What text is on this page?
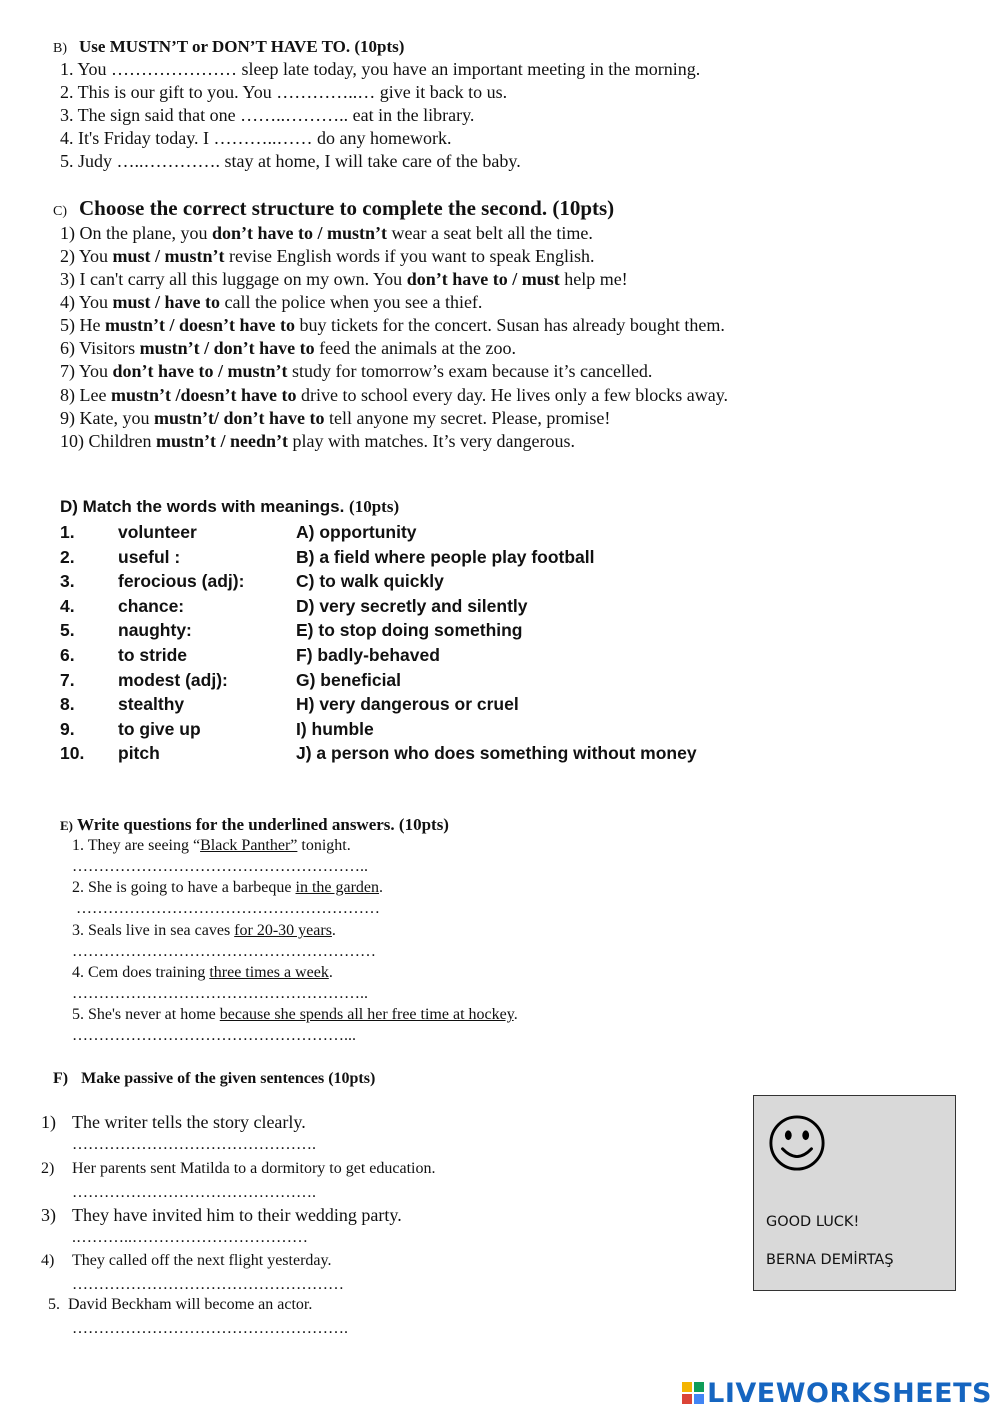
B) Use MUSTN’T or DON’T HAVE TO. (10pts)
1. You ………………… sleep late today, you have an important meeting in the morning.
2. This is our gift to you. You …………..… give it back to us.
3. The sign said that one ……..……….. eat in the library.
4. It's Friday today. I ………..…… do any homework.
5. Judy …..…………. stay at home, I will take care of the baby.
C) Choose the correct structure to complete the second. (10pts)
1) On the plane, you don’t have to / mustn’t wear a seat belt all the time.
2) You must / mustn’t revise English words if you want to speak English.
3) I can't carry all this luggage on my own. You don’t have to / must help me!
4) You must / have to call the police when you see a thief.
5) He mustn’t / doesn’t have to buy tickets for the concert. Susan has already bought them.
6) Visitors mustn’t / don’t have to feed the animals at the zoo.
7) You don’t have to / mustn’t study for tomorrow’s exam because it’s cancelled.
8) Lee mustn’t /doesn’t have to drive to school every day. He lives only a few blocks away.
9) Kate, you mustn’t/ don’t have to tell anyone my secret. Please, promise!
10) Children mustn’t / needn’t play with matches. It’s very dangerous.
D) Match the words with meanings. (10pts)
1. volunteer	A) opportunity
2. useful :	B) a field where people play football
3. ferocious (adj):	C) to walk quickly
4. chance:	D) very secretly and silently
5. naughty:	E) to stop doing something
6. to stride	F) badly-behaved
7. modest (adj):	G) beneficial
8. stealthy	H) very dangerous or cruel
9. to give up	I) humble
10. pitch	J) a person who does something without money
E) Write questions for the underlined answers. (10pts)
1. They are seeing “Black Panther” tonight.
………………………………………………..
2. She is going to have a barbeque in the garden.
…………………………………………………
3. Seals live in sea caves for 20-30 years.
…………………………………………………
4. Cem does training three times a week.
………………………………………………..
5. She's never at home because she spends all her free time at hockey.
……………………………………………...
F) Make passive of the given sentences (10pts)
1) The writer tells the story clearly.
……………………………………….
2) Her parents sent Matilda to a dormitory to get education.
……………………………………….
3) They have invited him to their wedding party.
.………..……………………………
4) They called off the next flight yesterday.
……………………………………………
5. David Beckham will become an actor.
…………………………………………….
GOOD LUCK!
BERNA DEMİRTAŞ
LIVEWORKSHEETS
